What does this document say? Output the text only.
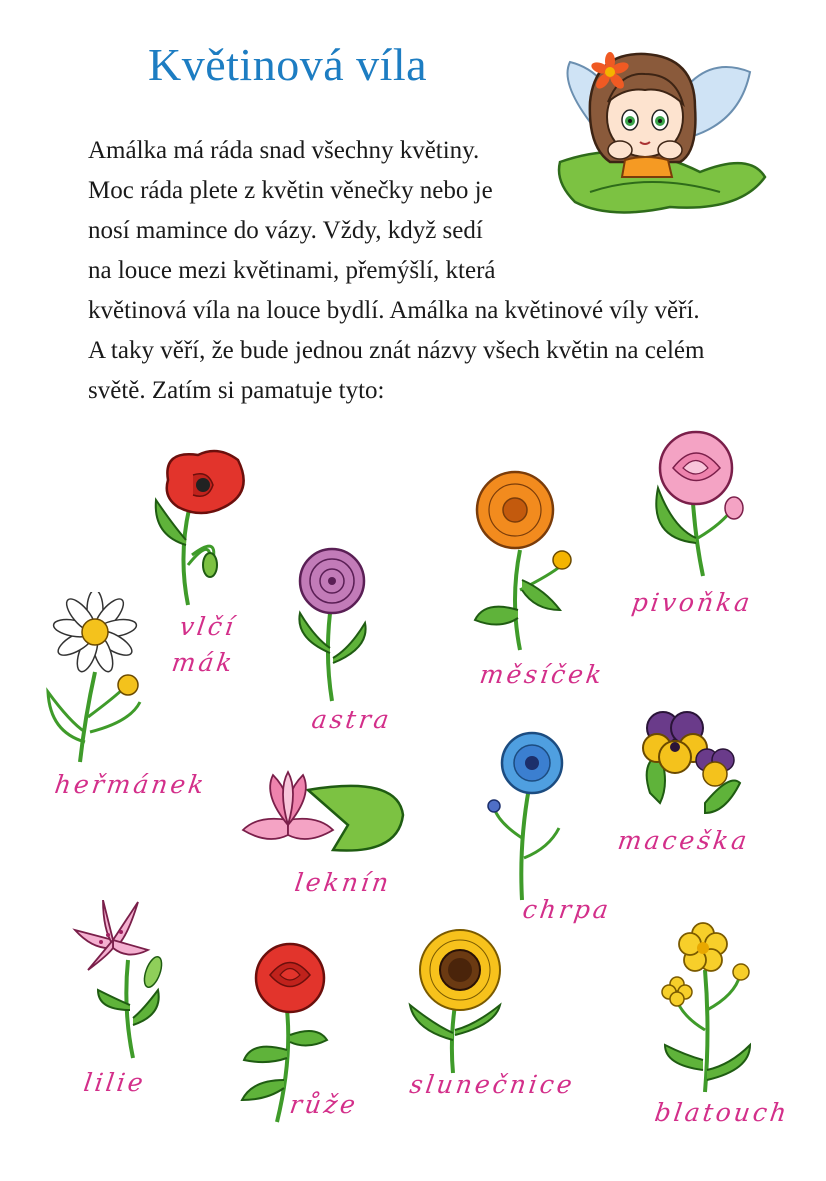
Květinová víla
Amálka má ráda snad všechny květiny.
Moc ráda plete z květin věnečky nebo je
nosí mamince do vázy. Vždy, když sedí
na louce mezi květinami, přemýšlí, která
květinová víla na louce bydlí. Amálka na květinové víly věří.
A taky věří, že bude jednou znát názvy všech květin na celém
světě. Zatím si pamatuje tyto:
vlčí
mák
astra
měsíček
pivoňka
heřmánek
leknín
chrpa
maceška
lilie
růže
slunečnice
blatouch
